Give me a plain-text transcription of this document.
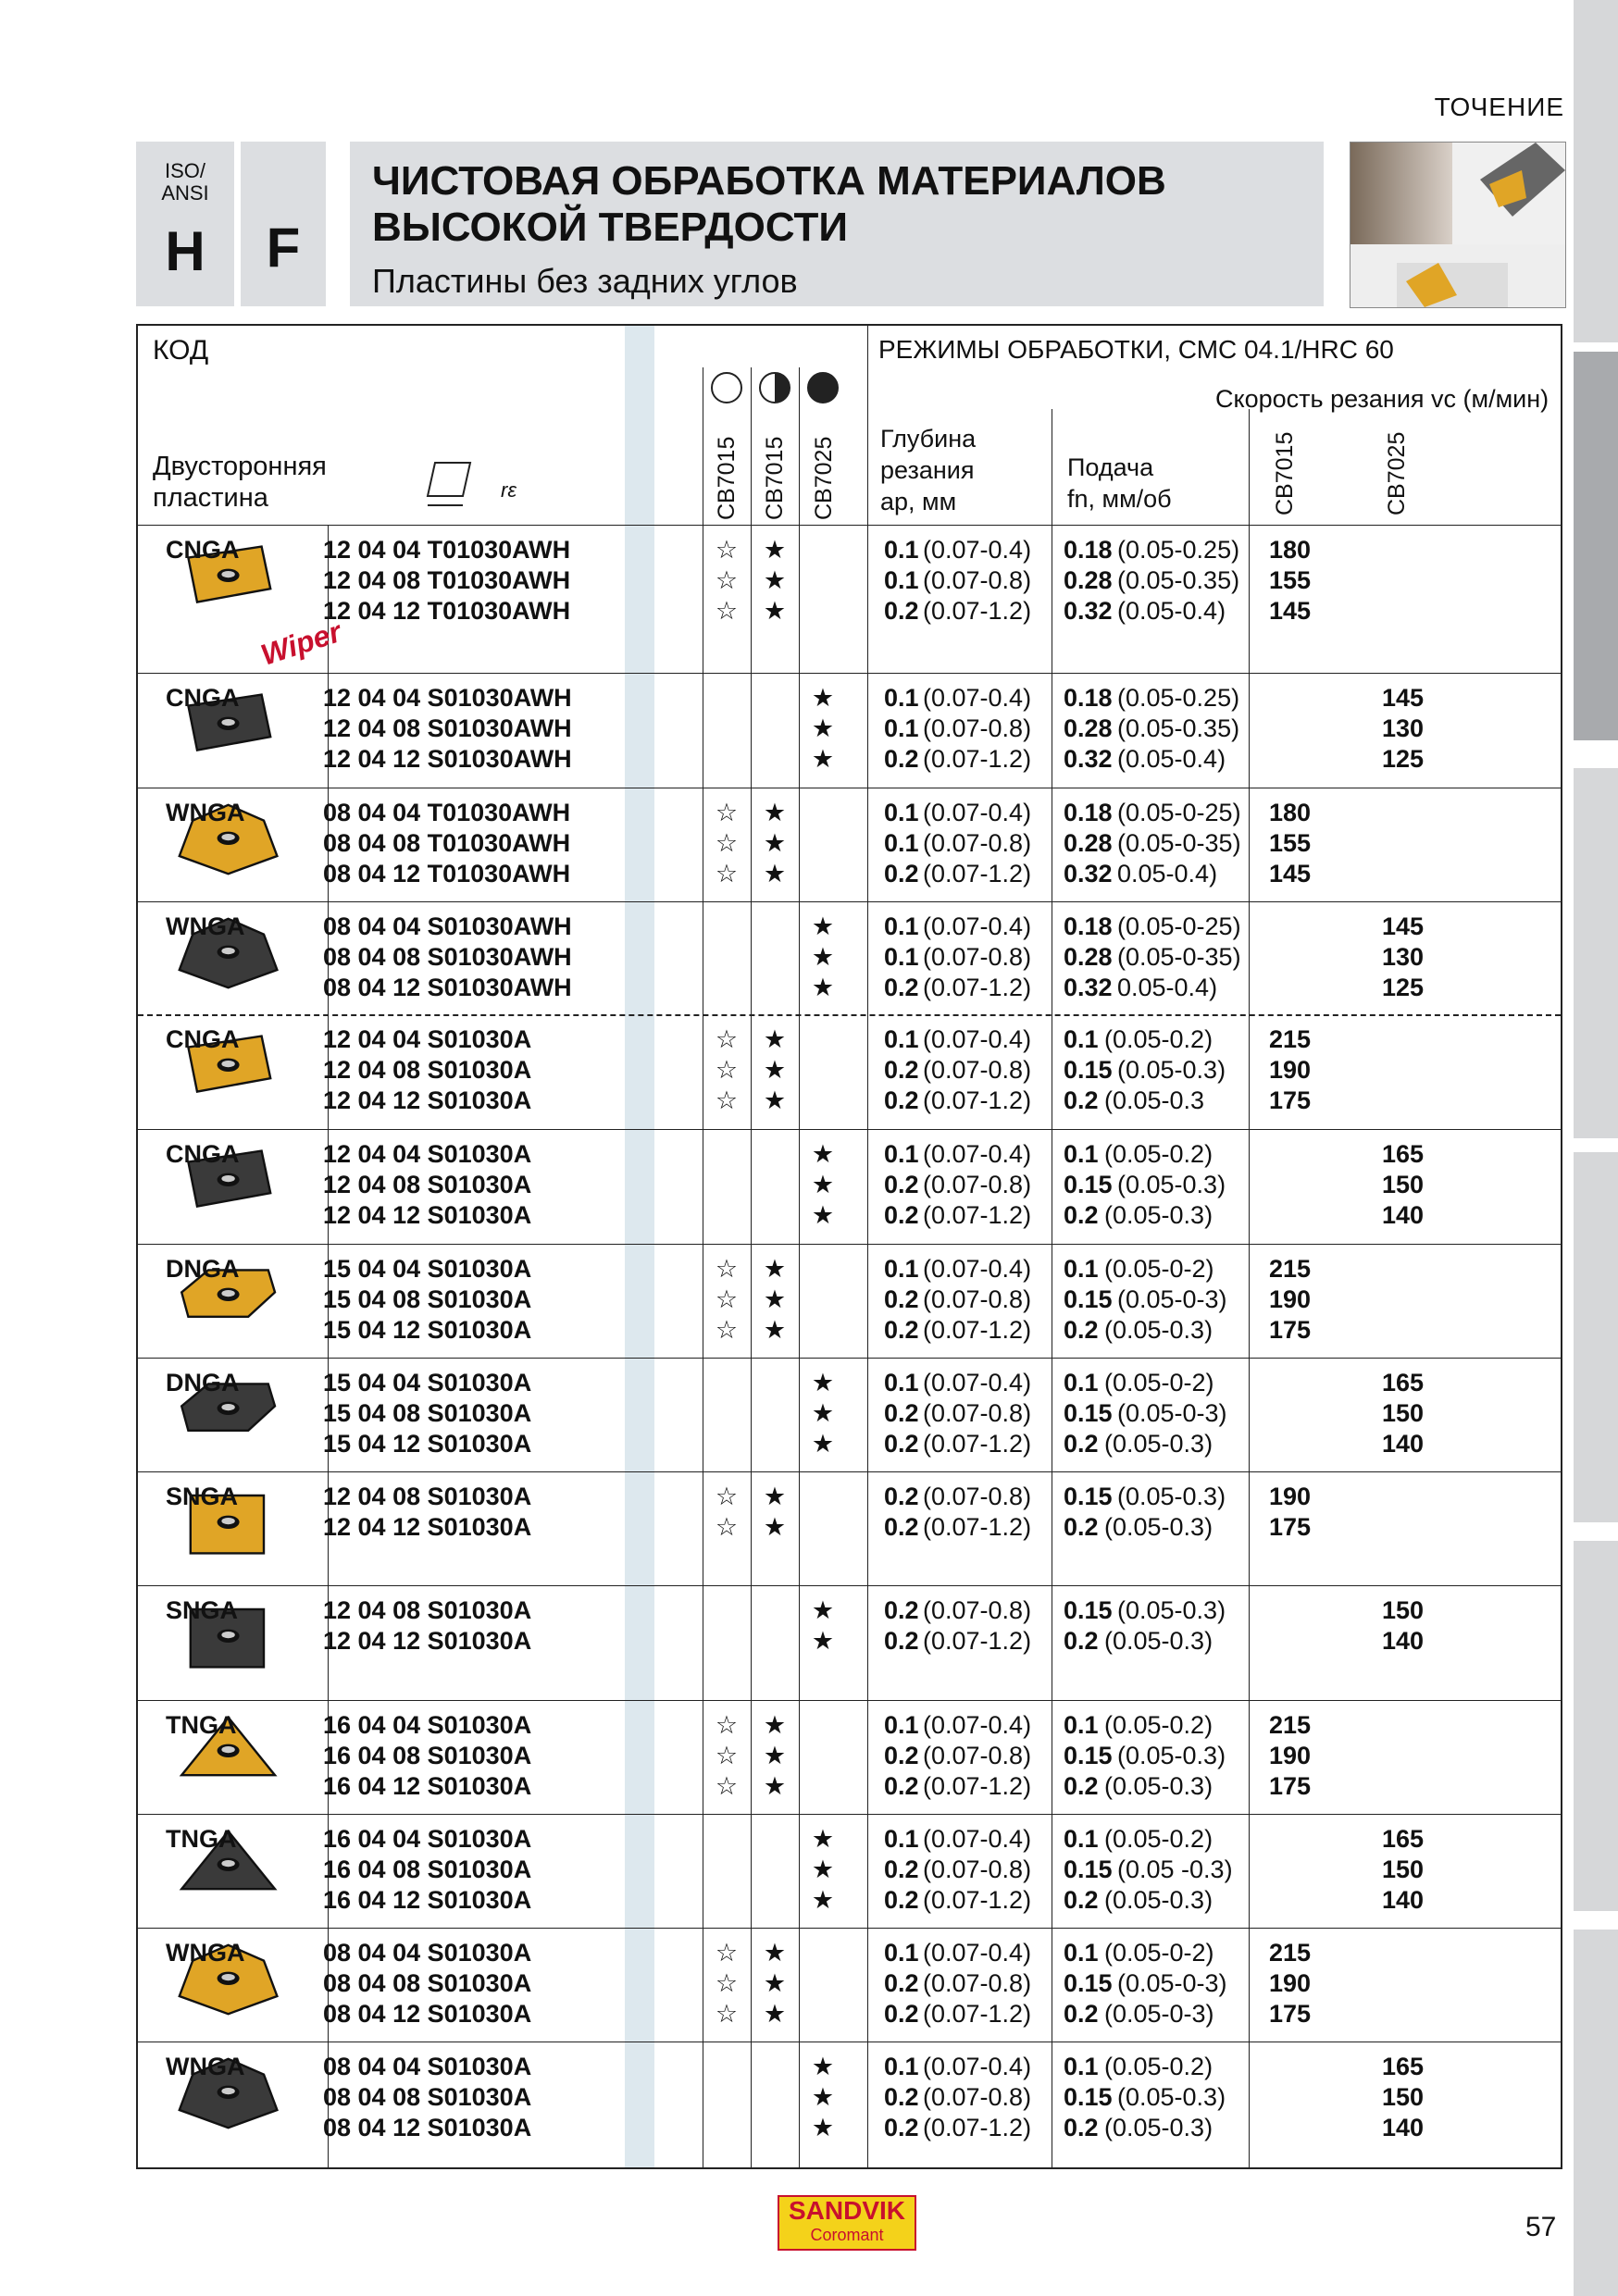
ТОЧЕНИЕ
ISO/
ANSI
H	F
ЧИСТОВАЯ ОБРАБОТКА МАТЕРИАЛОВ ВЫСОКОЙ ТВЕРДОСТИ
Пластины без задних углов
КОД	РЕЖИМЫ ОБРАБОТКИ, СМС 04.1/HRC 60
Скорость резания vc (м/мин)
Двусторонняя
пластина	rε	CB7015 CB7015 CB7025 Глубина
резания
ap, мм
Подача
fn, мм/об	CB7015	CB7025
Wiper
CNGA	12 04 04 T01030AWH	☆	★	0.1 (0.07-0.4) 0.18 (0.05-0.25) 180
12 04 08 T01030AWH	☆	★	0.1 (0.07-0.8) 0.28 (0.05-0.35) 155
12 04 12 T01030AWH	☆	★	0.2 (0.07-1.2) 0.32 (0.05-0.4) 145
CNGA	12 04 04 S01030AWH	★	0.1 (0.07-0.4) 0.18 (0.05-0.25)	145
12 04 08 S01030AWH	★	0.1 (0.07-0.8) 0.28 (0.05-0.35)	130
12 04 12 S01030AWH	★	0.2 (0.07-1.2) 0.32 (0.05-0.4)	125
WNGA	08 04 04 T01030AWH	☆	★	0.1 (0.07-0.4) 0.18 (0.05-0-25) 180
08 04 08 T01030AWH	☆	★	0.1 (0.07-0.8) 0.28 (0.05-0-35) 155
08 04 12 T01030AWH	☆	★	0.2 (0.07-1.2) 0.32 0.05-0.4) 145
WNGA	08 04 04 S01030AWH	★	0.1 (0.07-0.4) 0.18 (0.05-0-25)	145
08 04 08 S01030AWH	★	0.1 (0.07-0.8) 0.28 (0.05-0-35)	130
08 04 12 S01030AWH	★	0.2 (0.07-1.2) 0.32 0.05-0.4)	125
CNGA	12 04 04 S01030A	☆	★	0.1 (0.07-0.4) 0.1 (0.05-0.2) 215
12 04 08 S01030A	☆	★	0.2 (0.07-0.8) 0.15 (0.05-0.3) 190
12 04 12 S01030A	☆	★	0.2 (0.07-1.2) 0.2 (0.05-0.3	175
CNGA	12 04 04 S01030A	★	0.1 (0.07-0.4) 0.1 (0.05-0.2)	165
12 04 08 S01030A	★	0.2 (0.07-0.8) 0.15 (0.05-0.3)	150
12 04 12 S01030A	★	0.2 (0.07-1.2) 0.2 (0.05-0.3)	140
DNGA	15 04 04 S01030A	☆	★	0.1 (0.07-0.4) 0.1 (0.05-0-2) 215
15 04 08 S01030A	☆	★	0.2 (0.07-0.8) 0.15 (0.05-0-3) 190
15 04 12 S01030A	☆	★	0.2 (0.07-1.2) 0.2 (0.05-0.3) 175
DNGA	15 04 04 S01030A	★	0.1 (0.07-0.4) 0.1 (0.05-0-2)	165
15 04 08 S01030A	★	0.2 (0.07-0.8) 0.15 (0.05-0-3)	150
15 04 12 S01030A	★	0.2 (0.07-1.2) 0.2 (0.05-0.3)	140
SNGA	12 04 08 S01030A	☆	★	0.2 (0.07-0.8) 0.15 (0.05-0.3) 190
12 04 12 S01030A	☆	★	0.2 (0.07-1.2) 0.2 (0.05-0.3) 175
SNGA	12 04 08 S01030A	★	0.2 (0.07-0.8) 0.15 (0.05-0.3)	150
12 04 12 S01030A	★	0.2 (0.07-1.2) 0.2 (0.05-0.3)	140
TNGA	16 04 04 S01030A	☆	★	0.1 (0.07-0.4) 0.1 (0.05-0.2) 215
16 04 08 S01030A	☆	★	0.2 (0.07-0.8) 0.15 (0.05-0.3) 190
16 04 12 S01030A	☆	★	0.2 (0.07-1.2) 0.2 (0.05-0.3) 175
TNGA	16 04 04 S01030A	★	0.1 (0.07-0.4) 0.1 (0.05-0.2)	165
16 04 08 S01030A	★	0.2 (0.07-0.8) 0.15 (0.05 -0.3)	150
16 04 12 S01030A	★	0.2 (0.07-1.2) 0.2 (0.05-0.3)	140
WNGA	08 04 04 S01030A	☆	★	0.1 (0.07-0.4) 0.1 (0.05-0-2) 215
08 04 08 S01030A	☆	★	0.2 (0.07-0.8) 0.15 (0.05-0-3) 190
08 04 12 S01030A	☆	★	0.2 (0.07-1.2) 0.2 (0.05-0-3) 175
WNGA	08 04 04 S01030A	★	0.1 (0.07-0.4) 0.1 (0.05-0.2)	165
08 04 08 S01030A	★	0.2 (0.07-0.8) 0.15 (0.05-0.3)	150
08 04 12 S01030A	★	0.2 (0.07-1.2) 0.2 (0.05-0.3)	140
SANDVIK
Coromant	57
